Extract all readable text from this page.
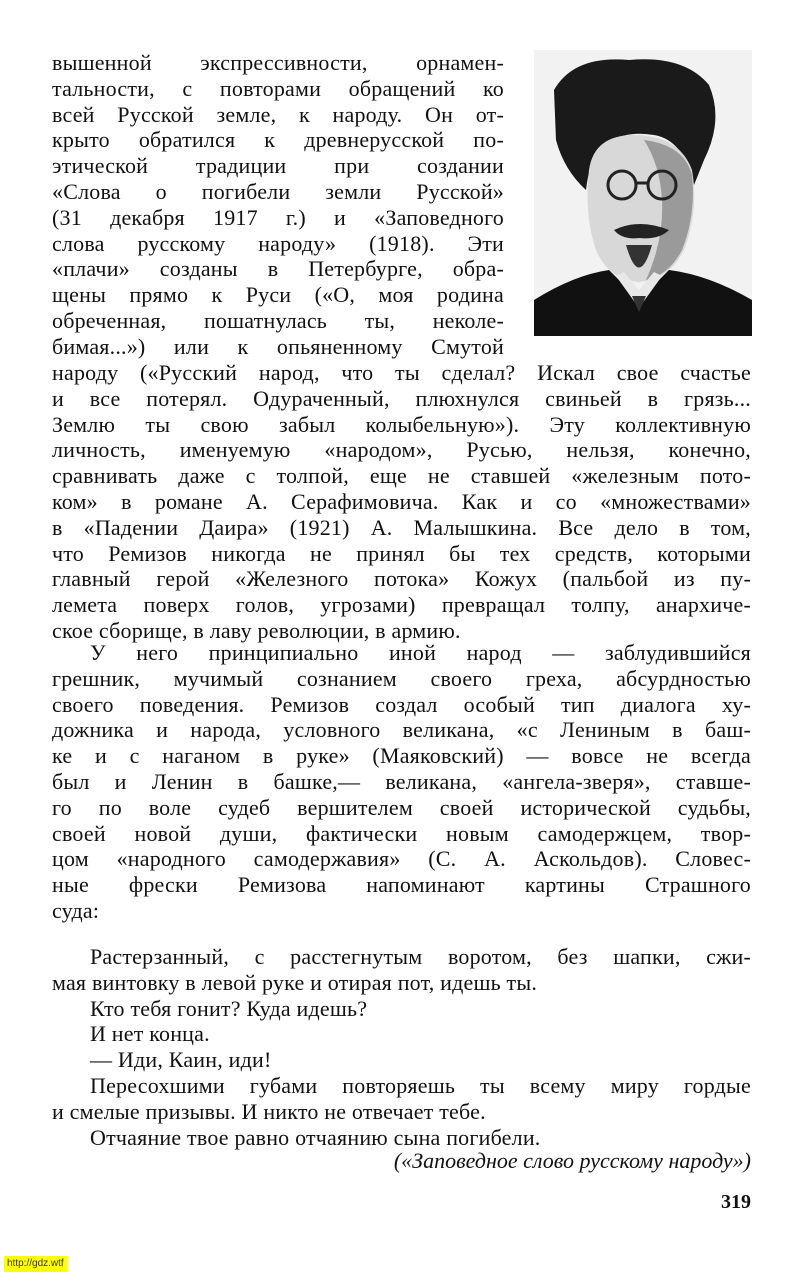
вышенной экспрессивности, орнамен-

тальности, с повторами обращений ко

всей Русской земле, к народу. Он от-

крыто обратился к древнерусской по-

этической традиции при создании

«Слова о погибели земли Русской»

(31 декабря 1917 г.) и «Заповедного

слова русскому народу» (1918). Эти

«плачи» созданы в Петербурге, обра-

щены прямо к Руси («О, моя родина

обреченная, пошатнулась ты, неколе-

бимая...») или к опьяненному Смутой

народу («Русский народ, что ты сделал? Искал свое счастье

и все потерял. Одураченный, плюхнулся свиньей в грязь...

Землю ты свою забыл колыбельную»). Эту коллективную

личность, именуемую «народом», Русью, нельзя, конечно,

сравнивать даже с толпой, еще не ставшей «железным пото-

ком» в романе А. Серафимовича. Как и со «множествами»

в «Падении Даира» (1921) А. Малышкина. Все дело в том,

что Ремизов никогда не принял бы тех средств, которыми

главный герой «Железного потока» Кожух (пальбой из пу-

лемета поверх голов, угрозами) превращал толпу, анархиче-

ское сборище, в лаву революции, в армию.

У него принципиально иной народ — заблудившийся

грешник, мучимый сознанием своего греха, абсурдностью

своего поведения. Ремизов создал особый тип диалога ху-

дожника и народа, условного великана, «с Лениным в баш-

ке и с наганом в руке» (Маяковский) — вовсе не всегда

был и Ленин в башке,— великана, «ангела-зверя», ставше-

го по воле судеб вершителем своей исторической судьбы,

своей новой души, фактически новым самодержцем, твор-

цом «народного самодержавия» (С. А. Аскольдов). Словес-

ные фрески Ремизова напоминают картины Страшного

суда:

Растерзанный, с расстегнутым воротом, без шапки, сжи-

мая винтовку в левой руке и отирая пот, идешь ты.

Кто тебя гонит? Куда идешь?

И нет конца.

— Иди, Каин, иди!

Пересохшими губами повторяешь ты всему миру гордые

и смелые призывы. И никто не отвечает тебе.

Отчаяние твое равно отчаянию сына погибели.

(«Заповедное слово русскому народу»)
319
http://gdz.wtf
